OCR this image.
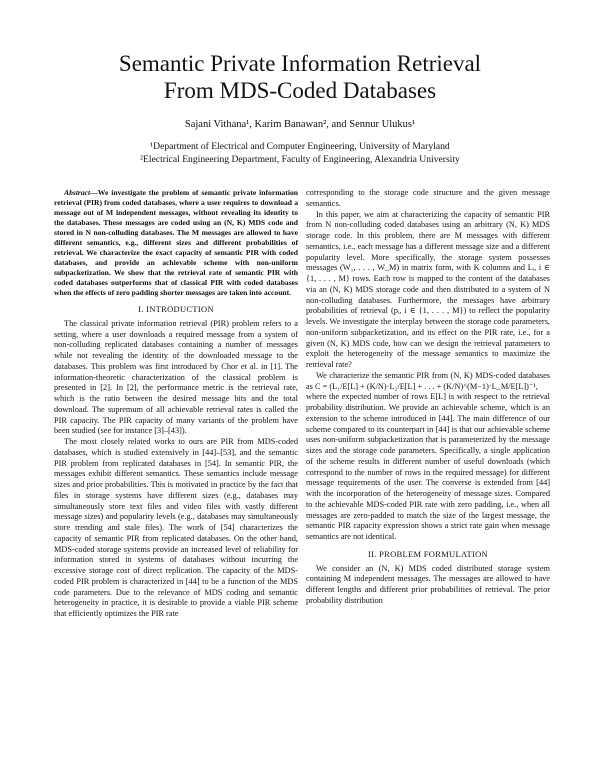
Semantic Private Information Retrieval
From MDS-Coded Databases
Sajani Vithana¹, Karim Banawan², and Sennur Ulukus¹
¹Department of Electrical and Computer Engineering, University of Maryland
²Electrical Engineering Department, Faculty of Engineering, Alexandria University

Abstract—We investigate the problem of semantic private information retrieval (PIR) from coded databases, where a user requires to download a message out of M independent messages, without revealing its identity to the databases. These messages are coded using an (N, K) MDS code and stored in N non-colluding databases. The M messages are allowed to have different semantics, e.g., different sizes and different probabilities of retrieval. We characterize the exact capacity of semantic PIR with coded databases, and provide an achievable scheme with non-uniform subpacketization. We show that the retrieval rate of semantic PIR with coded databases outperforms that of classical PIR with coded databases when the effects of zero padding shorter messages are taken into account.

I. INTRODUCTION

The classical private information retrieval (PIR) problem refers to a setting, where a user downloads a required message from a system of non-colluding replicated databases containing a number of messages while not revealing the identity of the downloaded message to the databases. This problem was first introduced by Chor et al. in [1]. The information-theoretic characterization of the classical problem is presented in [2]. In [2], the performance metric is the retrieval rate, which is the ratio between the desired message bits and the total download. The supremum of all achievable retrieval rates is called the PIR capacity. The PIR capacity of many variants of the problem have been studied (see for instance [3]–[43]).

The most closely related works to ours are PIR from MDS-coded databases, which is studied extensively in [44]–[53], and the semantic PIR problem from replicated databases in [54]. In semantic PIR, the messages exhibit different semantics. These semantics include message sizes and prior probabilities. This is motivated in practice by the fact that files in storage systems have different sizes (e.g., databases may simultaneously store text files and video files with vastly different message sizes) and popularity levels (e.g., databases may simultaneously store trending and stale files). The work of [54] characterizes the capacity of semantic PIR from replicated databases. On the other hand, MDS-coded storage systems provide an increased level of reliability for information stored in systems of databases without incurring the excessive storage cost of direct replication. The capacity of the MDS-coded PIR problem is characterized in [44] to be a function of the MDS code parameters. Due to the relevance of MDS coding and semantic heterogeneity in practice, it is desirable to provide a viable PIR scheme that efficiently optimizes the PIR rate

corresponding to the storage code structure and the given message semantics.

In this paper, we aim at characterizing the capacity of semantic PIR from N non-colluding coded databases using an arbitrary (N, K) MDS storage code. In this problem, there are M messages with different semantics, i.e., each message has a different message size and a different popularity level. More specifically, the storage system possesses messages (W₁, . . . , W_M) in matrix form, with K columns and Lᵢ, i ∈ {1, . . . , M} rows. Each row is mapped to the content of the databases via an (N, K) MDS storage code and then distributed to a system of N non-colluding databases. Furthermore, the messages have arbitrary probabilities of retrieval (pᵢ, i ∈ {1, . . . , M}) to reflect the popularity levels. We investigate the interplay between the storage code parameters, non-uniform subpacketization, and its effect on the PIR rate, i.e., for a given (N, K) MDS code, how can we design the retrieval parameters to exploit the heterogeneity of the message semantics to maximize the retrieval rate?

We characterize the semantic PIR from (N, K) MDS-coded databases as C = (L₁/E[L] + (K/N)·L₂/E[L] + . . . + (K/N)^(M−1)·L_M/E[L])⁻¹,

where the expected number of rows E[L] is with respect to the retrieval probability distribution. We provide an achievable scheme, which is an extension to the scheme introduced in [44]. The main difference of our scheme compared to its counterpart in [44] is that our achievable scheme uses non-uniform subpacketization that is parameterized by the message sizes and the storage code parameters. Specifically, a single application of the scheme results in different number of useful downloads (which correspond to the number of rows in the required message) for different message requirements of the user. The converse is extended from [44] with the incorporation of the heterogeneity of message sizes. Compared to the achievable MDS-coded PIR rate with zero padding, i.e., when all messages are zero-padded to match the size of the largest message, the semantic PIR capacity expression shows a strict rate gain when message semantics are not identical.

II. PROBLEM FORMULATION

We consider an (N, K) MDS coded distributed storage system containing M independent messages. The messages are allowed to have different lengths and different prior probabilities of retrieval. The prior probability distribution
